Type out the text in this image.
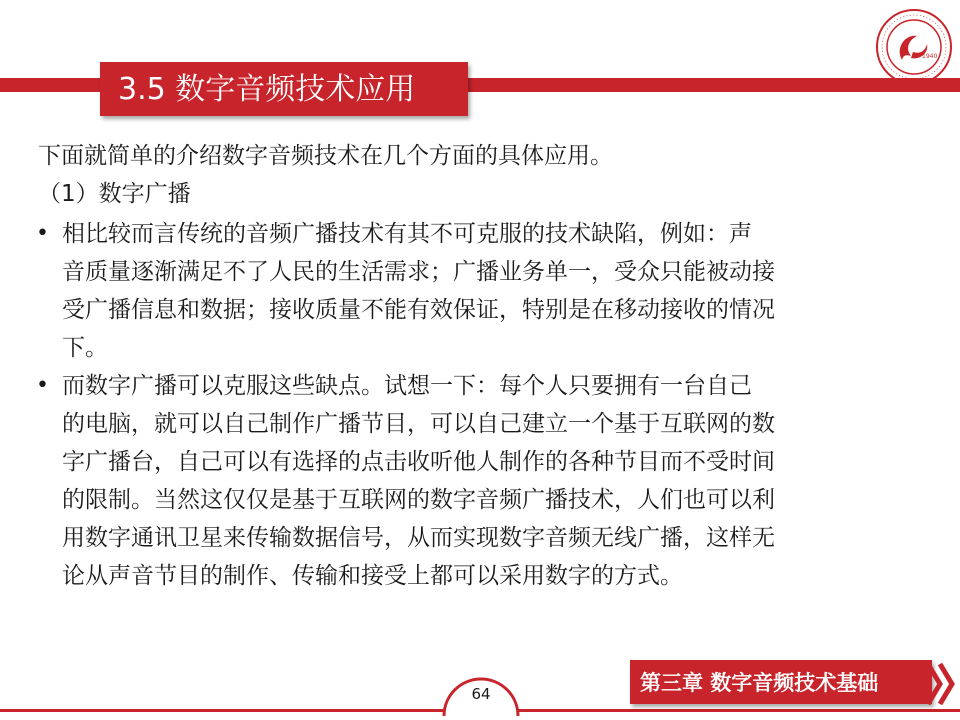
3.5 数字音频技术应用
1940
下面就简单的介绍数字音频技术在几个方面的具体应用。
（1）数字广播
• 相比较而言传统的音频广播技术有其不可克服的技术缺陷，例如：声
音质量逐渐满足不了人民的生活需求；广播业务单一，受众只能被动接
受广播信息和数据；接收质量不能有效保证，特别是在移动接收的情况
下。
• 而数字广播可以克服这些缺点。试想一下：每个人只要拥有一台自己
的电脑，就可以自己制作广播节目，可以自己建立一个基于互联网的数
字广播台，自己可以有选择的点击收听他人制作的各种节目而不受时间
的限制。当然这仅仅是基于互联网的数字音频广播技术，人们也可以利
用数字通讯卫星来传输数据信号，从而实现数字音频无线广播，这样无
论从声音节目的制作、传输和接受上都可以采用数字的方式。
64	第三章 数字音频技术基础
